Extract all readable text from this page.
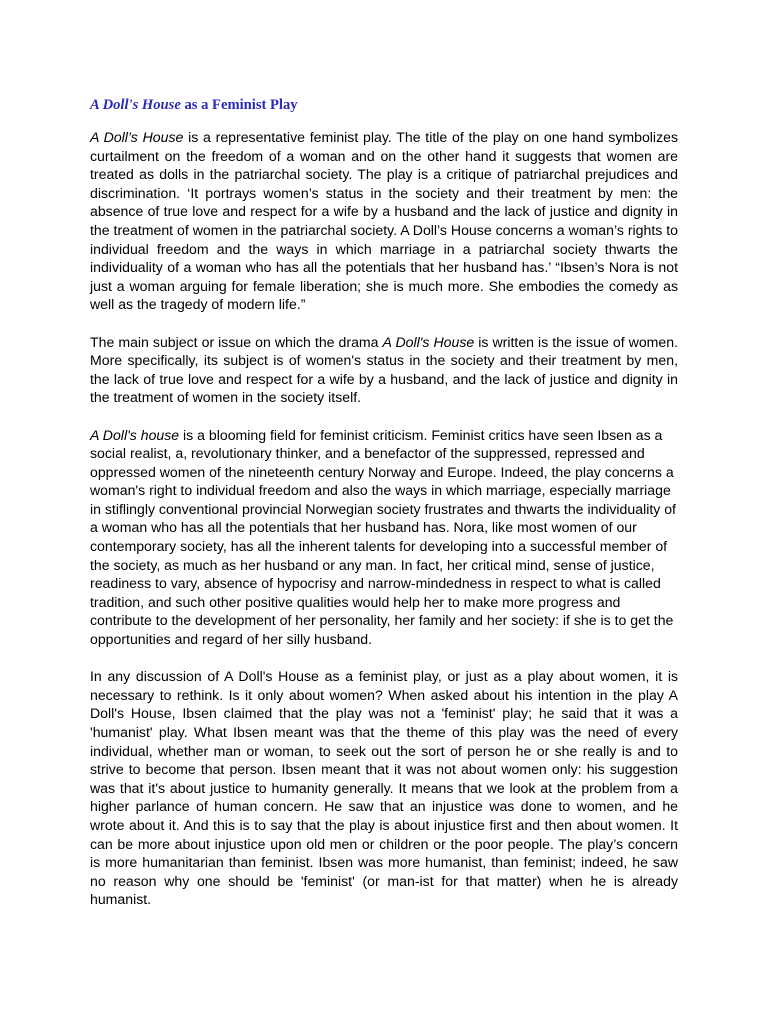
A Doll's House as a Feminist Play

A Doll’s House is a representative feminist play. The title of the play on one hand symbolizes curtailment on the freedom of a woman and on the other hand it suggests that women are treated as dolls in the patriarchal society. The play is a critique of patriarchal prejudices and discrimination. ‘It portrays women’s status in the society and their treatment by men: the absence of true love and respect for a wife by a husband and the lack of justice and dignity in the treatment of women in the patriarchal society. A Doll’s House concerns a woman’s rights to individual freedom and the ways in which marriage in a patriarchal society thwarts the individuality of a woman who has all the potentials that her husband has.’ “Ibsen’s Nora is not just a woman arguing for female liberation; she is much more. She embodies the comedy as well as the tragedy of modern life.”

The main subject or issue on which the drama A Doll's House is written is the issue of women. More specifically, its subject is of women's status in the society and their treatment by men, the lack of true love and respect for a wife by a husband, and the lack of justice and dignity in the treatment of women in the society itself.

A Doll's house is a blooming field for feminist criticism. Feminist critics have seen Ibsen as a social realist, a, revolutionary thinker, and a benefactor of the suppressed, repressed and oppressed women of the nineteenth century Norway and Europe. Indeed, the play concerns a woman's right to individual freedom and also the ways in which marriage, especially marriage in stiflingly conventional provincial Norwegian society frustrates and thwarts the individuality of a woman who has all the potentials that her husband has. Nora, like most women of our contemporary society, has all the inherent talents for developing into a successful member of the society, as much as her husband or any man. In fact, her critical mind, sense of justice, readiness to vary, absence of hypocrisy and narrow-mindedness in respect to what is called tradition, and such other positive qualities would help her to make more progress and contribute to the development of her personality, her family and her society: if she is to get the opportunities and regard of her silly husband.

In any discussion of A Doll's House as a feminist play, or just as a play about women, it is necessary to rethink. Is it only about women? When asked about his intention in the play A Doll's House, Ibsen claimed that the play was not a 'feminist' play; he said that it was a 'humanist' play. What Ibsen meant was that the theme of this play was the need of every individual, whether man or woman, to seek out the sort of person he or she really is and to strive to become that person. Ibsen meant that it was not about women only: his suggestion was that it's about justice to humanity generally. It means that we look at the problem from a higher parlance of human concern. He saw that an injustice was done to women, and he wrote about it. And this is to say that the play is about injustice first and then about women. It can be more about injustice upon old men or children or the poor people. The play’s concern is more humanitarian than feminist. Ibsen was more humanist, than feminist; indeed, he saw no reason why one should be 'feminist' (or man-ist for that matter) when he is already humanist.
